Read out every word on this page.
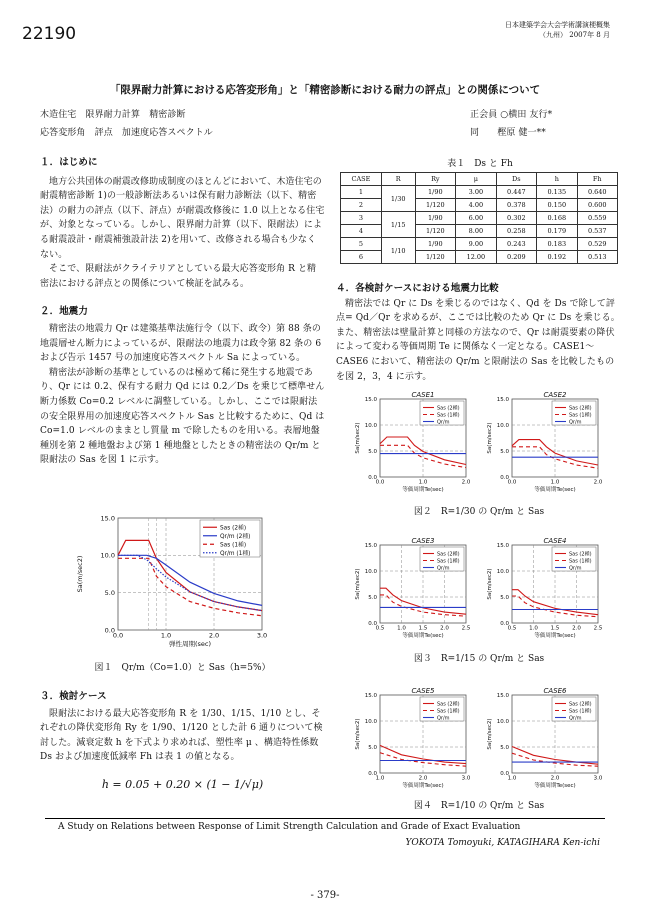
22190	日本建築学会大会学術講演梗概集
（九州） 2007年 8 月
「限界耐力計算における応答変形角」と「精密診断における耐力の評点」との関係について
木造住宅　限界耐力計算　精密診断
応答変形角　評点　加速度応答スペクトル
正会員 ○横田 友行*
同　　樫原 健一**

１．はじめに

地方公共団体の耐震改修助成制度のほとんどにおいて、木造住宅の耐震精密診断 1)の一般診断法あるいは保有耐力診断法（以下、精密法）の耐力の評点（以下、評点）が耐震改修後に 1.0 以上となる住宅が、対象となっている。しかし、限界耐力計算（以下、限耐法）による耐震設計・耐震補強設計法 2)を用いて、改修される場合も少なくない。

そこで、限耐法がクライテリアとしている最大応答変形角 R と精密法における評点との関係について検証を試みる。

２．地震力

精密法の地震力 Qr は建築基準法施行令（以下、政令）第 88 条の地震層せん断力によっているが、限耐法の地震力は政令第 82 条の 6 および告示 1457 号の加速度応答スペクトル Sa によっている。

精密法が診断の基準としているのは極めて稀に発生する地震であり、Qr には 0.2、保有する耐力 Qd には 0.2／Ds を乗じて標準せん断力係数 Co=0.2 レベルに調整している。しかし、ここでは限耐法の安全限界用の加速度応答スペクトル Sas と比較するために、Qd は Co=1.0 レベルのままとし質量 m で除したものを用いる。表層地盤種別を第 2 種地盤および第 1 種地盤としたときの精密法の Qr/m と限耐法の Sas を図 1 に示す。

0.0	1.0	2.0	3.0
0.0
5.0
10.0
15.0
Sas (2種)
Qr/m (2種)
Sas (1種)
Qr/m (1種)
弾性周期(sec)
Sa(m/sec2)
図１　Qr/m（Co=1.0）と Sas（h=5%）

３．検討ケース

限耐法における最大応答変形角 R を 1/30、1/15、1/10 とし、それぞれの降伏変形角 Ry を 1/90、1/120 とした計 6 通りについて検討した。減衰定数 h を下式より求めれば、塑性率 μ 、構造特性係数 Ds および加速度低減率 Fh は表 1 の値となる。

h = 0.05 + 0.20 × (1 − 1/√μ)
表１　Ds と Fh
CASE	R	Ry	μ	Ds	h	Fh
1	1/30	1/90	3.00	0.447	0.135	0.640
2		1/120	4.00	0.378	0.150	0.600
3	1/15	1/90	6.00	0.302	0.168	0.559
4		1/120	8.00	0.258	0.179	0.537
5	1/10	1/90	9.00	0.243	0.183	0.529
6		1/120	12.00	0.209	0.192	0.513

４．各検討ケースにおける地震力比較

精密法では Qr に Ds を乗じるのではなく、Qd を Ds で除して評点= Qd／Qr を求めるが、ここでは比較のため Qr に Ds を乗じる。また、精密法は壁量計算と同様の方法なので、Qr は耐震要素の降伏によって変わる等価周期 Te に関係なく一定となる。CASE1〜CASE6 において、精密法の Qr/m と限耐法の Sas を比較したものを図 2，3，4 に示す。

0.0	1.0	2.0
0.0
5.0
10.0
15.0
Sas (2種)
Sas (1種)
Qr/m
等価周期Te(sec)
Sa(m/sec2)
CASE1
0.0	1.0	2.0
0.0
5.0
10.0
15.0
Sas (2種)
Sas (1種)
Qr/m
等価周期Te(sec)
Sa(m/sec2)
CASE2
図２　R=1/30 の Qr/m と Sas
0.5 1.0 1.5 2.0 2.5
0.0
5.0
10.0
15.0
Sas (2種)
Sas (1種)
Qr/m
等価周期Te(sec)
Sa(m/sec2)
CASE3
0.5 1.0 1.5 2.0 2.5
0.0
5.0
10.0
15.0
Sas (2種)
Sas (1種)
Qr/m
等価周期Te(sec)
Sa(m/sec2)
CASE4
図３　R=1/15 の Qr/m と Sas
1.0	2.0	3.0
0.0
5.0
10.0
15.0
Sas (2種)
Sas (1種)
Qr/m
等価周期Te(sec)
Sa(m/sec2)
CASE5
1.0	2.0	3.0
0.0
5.0
10.0
15.0
Sas (2種)
Sas (1種)
Qr/m
等価周期Te(sec)
Sa(m/sec2)
CASE6
図４　R=1/10 の Qr/m と Sas
A Study on Relations between Response of Limit Strength Calculation and Grade of Exact Evaluation
YOKOTA Tomoyuki, KATAGIHARA Ken-ichi
- 379-
